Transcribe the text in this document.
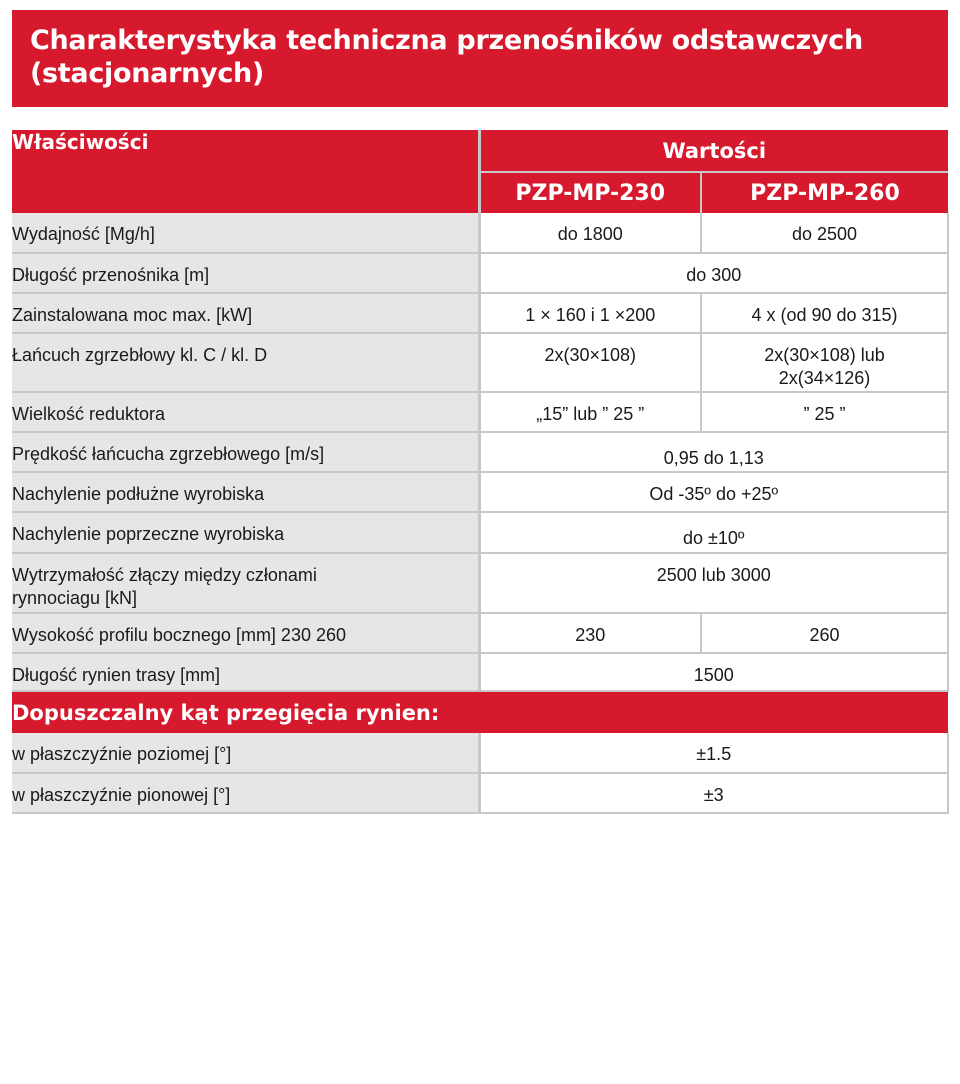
Charakterystyka techniczna przenośników odstawczych
(stacjonarnych)
Właściwości	Wartości	
	PZP-MP-230	PZP-MP-260
Wydajność [Mg/h]	do 1800	do 2500
Długość przenośnika [m]	do 300	
Zainstalowana moc max. [kW]	1 × 160 i 1 ×200	4 x (od 90 do 315)
Łańcuch zgrzebłowy kl. C / kl. D	2x(30×108)	2x(30×108) lub
2x(34×126)
Wielkość reduktora	„15” lub ” 25 ”	” 25 ”
Prędkość łańcucha zgrzebłowego [m/s]	0,95 do 1,13	
Nachylenie podłużne wyrobiska	Od -35º do +25º	
Nachylenie poprzeczne wyrobiska	do ±10º	
Wytrzymałość złączy między członami
rynnociagu [kN]	2500 lub 3000	
Wysokość profilu bocznego [mm] 230 260	230	260
Długość rynien trasy [mm]	1500	
Dopuszczalny kąt przegięcia rynien:		
w płaszczyźnie poziomej [°]	±1.5	
w płaszczyźnie pionowej [°]	±3	
